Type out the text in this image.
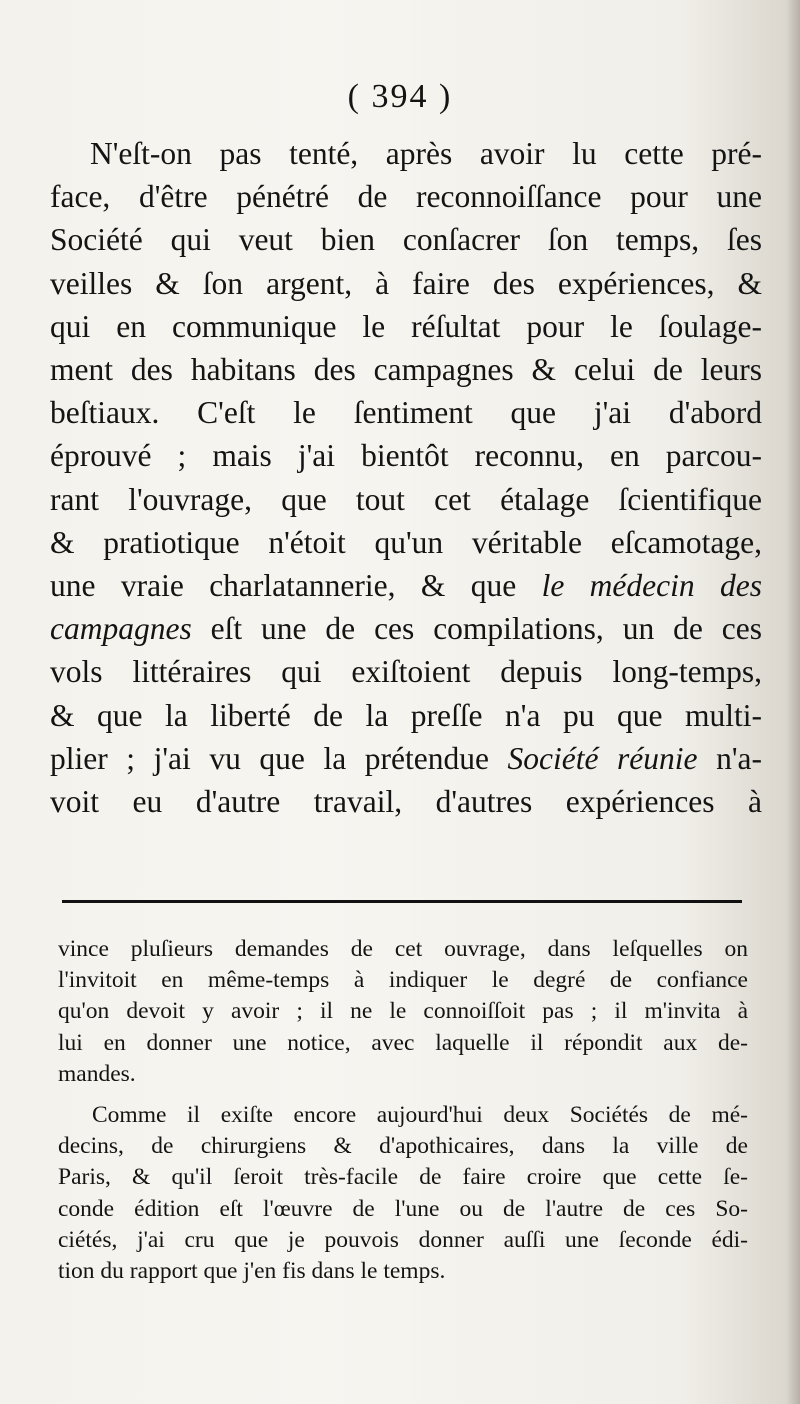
( 394 )
N'eſt-on pas tenté, après avoir lu cette pré-
face, d'être pénétré de reconnoiſſance pour une
Société qui veut bien conſacrer ſon temps, ſes
veilles & ſon argent, à faire des expériences, &
qui en communique le réſultat pour le ſoulage-
ment des habitans des campagnes & celui de leurs
beſtiaux. C'eſt le ſentiment que j'ai d'abord
éprouvé ; mais j'ai bientôt reconnu, en parcou-
rant l'ouvrage, que tout cet étalage ſcientifique
& pratiotique n'étoit qu'un véritable eſcamotage,
une vraie charlatannerie, & que le médecin des
campagnes eſt une de ces compilations, un de ces
vols littéraires qui exiſtoient depuis long-temps,
& que la liberté de la preſſe n'a pu que multi-
plier ; j'ai vu que la prétendue Société réunie n'a-
voit eu d'autre travail, d'autres expériences à
vince pluſieurs demandes de cet ouvrage, dans leſquelles on
l'invitoit en même-temps à indiquer le degré de confiance
qu'on devoit y avoir ; il ne le connoiſſoit pas ; il m'invita à
lui en donner une notice, avec laquelle il répondit aux de-
mandes.
Comme il exiſte encore aujourd'hui deux Sociétés de mé-
decins, de chirurgiens & d'apothicaires, dans la ville de
Paris, & qu'il ſeroit très-facile de faire croire que cette ſe-
conde édition eſt l'œuvre de l'une ou de l'autre de ces So-
ciétés, j'ai cru que je pouvois donner auſſi une ſeconde édi-
tion du rapport que j'en fis dans le temps.
